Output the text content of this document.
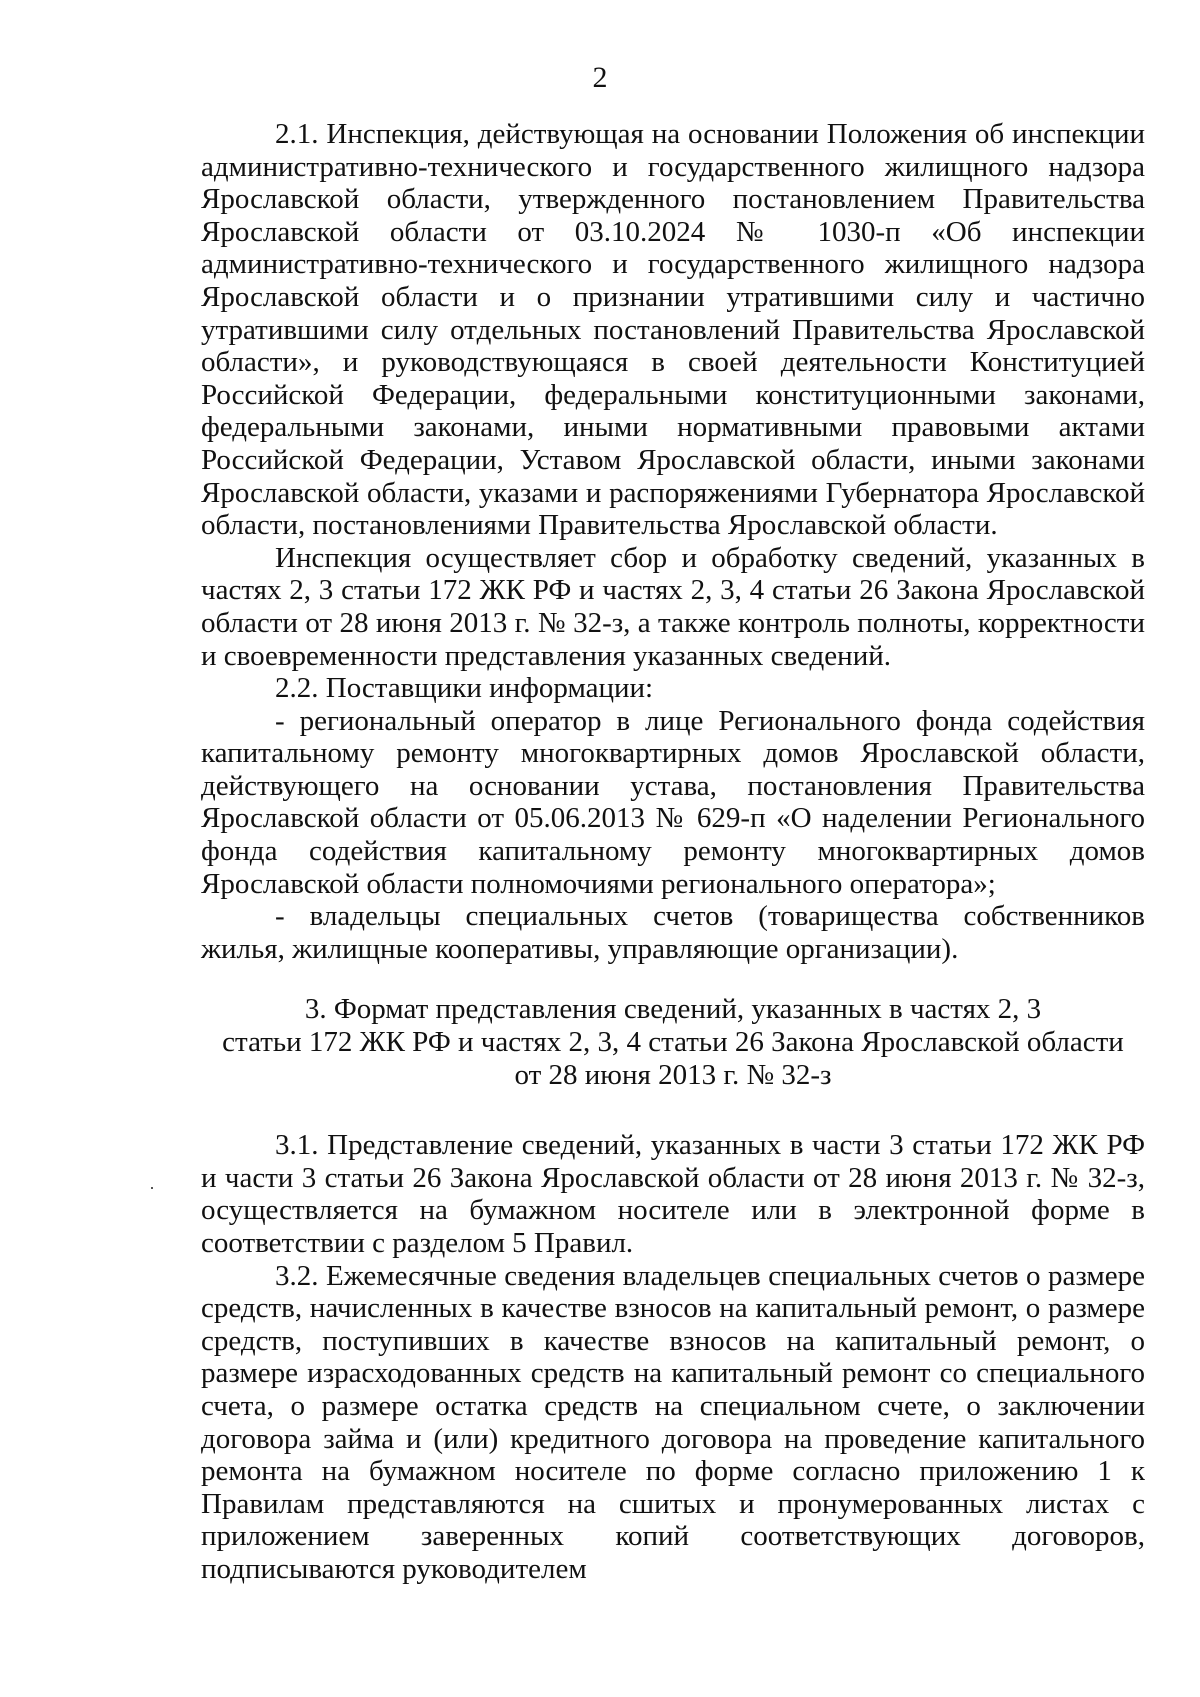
2

2.1. Инспекция, действующая на основании Положения об инспекции административно-технического и государственного жилищного надзора Ярославской области, утвержденного постановлением Правительства Ярославской области от 03.10.2024 № 1030-п «Об инспекции административно-технического и государственного жилищного надзора Ярославской области и о признании утратившими силу и частично утратившими силу отдельных постановлений Правительства Ярославской области», и руководствующаяся в своей деятельности Конституцией Российской Федерации, федеральными конституционными законами, федеральными законами, иными нормативными правовыми актами Российской Федерации, Уставом Ярославской области, иными законами Ярославской области, указами и распоряжениями Губернатора Ярославской области, постановлениями Правительства Ярославской области.

Инспекция осуществляет сбор и обработку сведений, указанных в частях 2, 3 статьи 172 ЖК РФ и частях 2, 3, 4 статьи 26 Закона Ярославской области от 28 июня 2013 г. № 32-з, а также контроль полноты, корректности и своевременности представления указанных сведений.

2.2. Поставщики информации:

- региональный оператор в лице Регионального фонда содействия капитальному ремонту многоквартирных домов Ярославской области, действующего на основании устава, постановления Правительства Ярославской области от 05.06.2013 № 629-п «О наделении Регионального фонда содействия капитальному ремонту многоквартирных домов Ярославской области полномочиями регионального оператора»;

- владельцы специальных счетов (товарищества собственников жилья, жилищные кооперативы, управляющие организации).

3. Формат представления сведений, указанных в частях 2, 3
статьи 172 ЖК РФ и частях 2, 3, 4 статьи 26 Закона Ярославской области
от 28 июня 2013 г. № 32-з

3.1. Представление сведений, указанных в части 3 статьи 172 ЖК РФ и части 3 статьи 26 Закона Ярославской области от 28 июня 2013 г. № 32-з, осуществляется на бумажном носителе или в электронной форме в соответствии с разделом 5 Правил.

3.2. Ежемесячные сведения владельцев специальных счетов о размере средств, начисленных в качестве взносов на капитальный ремонт, о размере средств, поступивших в качестве взносов на капитальный ремонт, о размере израсходованных средств на капитальный ремонт со специального счета, о размере остатка средств на специальном счете, о заключении договора займа и (или) кредитного договора на проведение капитального ремонта на бумажном носителе по форме согласно приложению 1 к Правилам представляются на сшитых и пронумерованных листах с приложением заверенных копий соответствующих договоров, подписываются руководителем
